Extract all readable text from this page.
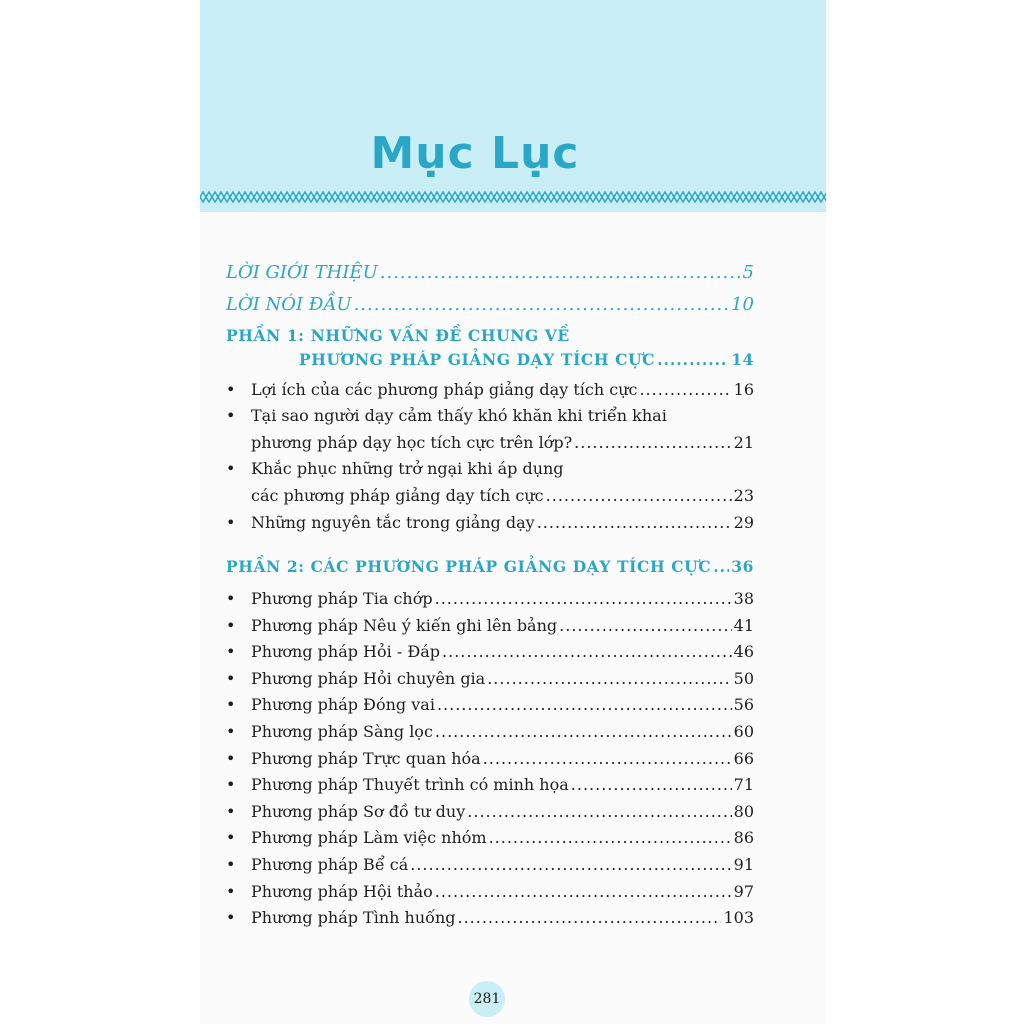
Mục Lục
LỜI GIỚI THIỆU .....	5
LỜI NÓI ĐẦU .....	10
PHẦN 1: NHỮNG VẤN ĐỀ CHUNG VỀ
PHƯƠNG PHÁP GIẢNG DẠY TÍCH CỰC .....	14
• Lợi ích của các phương pháp giảng dạy tích cực .....	16
• Tại sao người dạy cảm thấy khó khăn khi triển khai
phương pháp dạy học tích cực trên lớp? .....	21
• Khắc phục những trở ngại khi áp dụng
các phương pháp giảng dạy tích cực .....	23
• Những nguyên tắc trong giảng dạy .....	29
PHẦN 2: CÁC PHƯƠNG PHÁP GIẢNG DẠY TÍCH CỰC ..... 36
• Phương pháp Tia chớp .....	38
• Phương pháp Nêu ý kiến ghi lên bảng .....	41
• Phương pháp Hỏi - Đáp .....	46
• Phương pháp Hỏi chuyên gia .....	50
• Phương pháp Đóng vai .....	56
• Phương pháp Sàng lọc .....	60
• Phương pháp Trực quan hóa .....	66
• Phương pháp Thuyết trình có minh họa .....	71
• Phương pháp Sơ đồ tư duy .....	80
• Phương pháp Làm việc nhóm .....	86
• Phương pháp Bể cá .....	91
• Phương pháp Hội thảo .....	97
• Phương pháp Tình huống .....	103
281
